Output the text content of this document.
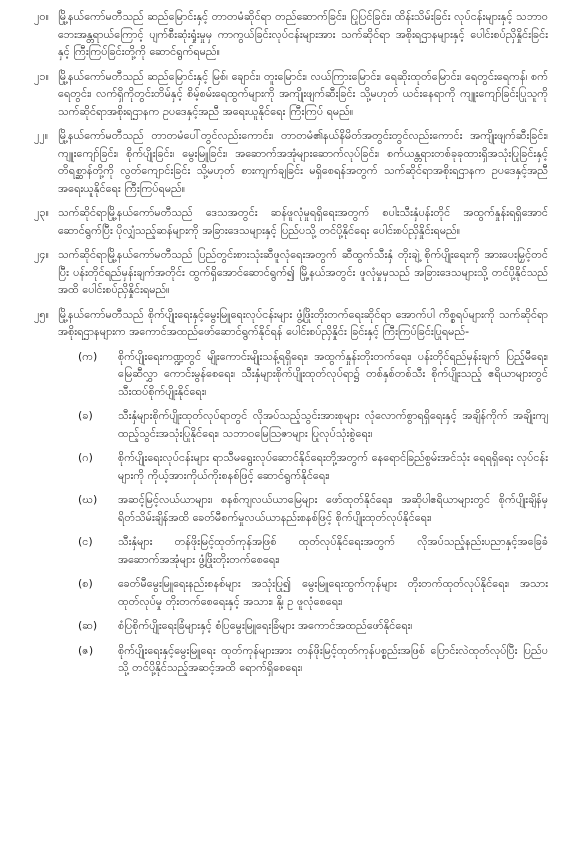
၂၀။ မြို့နယ်ကော်မတီသည် ဆည်မြောင်းနှင့် တာတမံဆိုင်ရာ တည်ဆောက်ခြင်း၊ ပြုပြင်ခြင်း၊ ထိန်းသိမ်းခြင်း လုပ်ငန်းများနှင့် သဘာဝဘေးအန္တရာယ်ကြောင့် ပျက်စီးဆုံးရှုံးမှုမှ ကာကွယ်ခြင်းလုပ်ငန်းများအား သက်ဆိုင်ရာ အစိုးရဌာနများနှင့် ပေါင်းစပ်ညှိနှိုင်းခြင်းနှင့် ကြီးကြပ်ခြင်းတို့ကို ဆောင်ရွက်ရမည်။
၂၁။ မြို့နယ်ကော်မတီသည် ဆည်မြောင်းနှင့် မြစ်၊ ချောင်း၊ တူးမြောင်း၊ လယ်ကြားမြောင်း၊ ရေဆိုးထုတ်မြောင်း၊ ရေတွင်းရေကန်၊ စက်ရေတွင်း၊ လက်ရှိကိုတွင်းတိမ်နှင့် စိမ့်စမ်းရေထွက်များကို အကျိုးဖျက်ဆီးခြင်း သို့မဟုတ် ယင်းနေရာကို ကျူးကျော်ခြင်းပြုသူကို သက်ဆိုင်ရာအစိုးရဌာနက ဥပဒေနှင့်အညီ အရေးယူနိုင်ရေး ကြီးကြပ် ရမည်။
၂၂။ မြို့နယ်ကော်မတီသည် တာတမံပေါ်တွင်လည်းကောင်း၊ တာတမံ၏နယ်နိမိတ်အတွင်းတွင်လည်းကောင်း အကျိုးဖျက်ဆီးခြင်း၊ ကျူးကျော်ခြင်း၊ စိုက်ပျိုးခြင်း၊ မွေးမြူခြင်း၊ အဆောက်အအုံများဆောက်လုပ်ခြင်း၊ စက်ယန္တရားတစ်ခုခုထားရှိအသုံးပြုခြင်းနှင့် တိရစ္ဆာန်တို့ကို လွတ်ကျောင်းခြင်း သို့မဟုတ် စားကျက်ချခြင်း မရှိစေရန်အတွက် သက်ဆိုင်ရာအစိုးရဌာနက ဥပဒေနှင့်အညီအရေးယူနိုင်ရေး ကြီးကြပ်ရမည်။
၂၃။ သက်ဆိုင်ရာမြို့နယ်ကော်မတီသည် ဒေသအတွင်း ဆန်ဖူလုံမှုရရှိရေးအတွက် စပါးသီးနှံပန်းတိုင် အထွက်နှုန်းရရှိအောင်ဆောင်ရွက်ပြီး ပိုလျှံသည့်ဆန်များကို အခြားဒေသများနှင့် ပြည်ပသို့ တင်ပို့နိုင်ရေး ပေါင်းစပ်ညှိနှိုင်းရမည်။
၂၄။ သက်ဆိုင်ရာမြို့နယ်ကော်မတီသည် ပြည်တွင်းစားသုံးဆီဖူလုံရေးအတွက် ဆီထွက်သီးနှံ တိုးချဲ့ စိုက်ပျိုးရေးကို အားပေးမြှင့်တင်ပြီး ပန်းတိုင်ရည်မှန်းချက်အတိုင်း ထွက်ရှိအောင်ဆောင်ရွက်၍ မြို့နယ်အတွင်း ဖူလုံမှုမှသည် အခြားဒေသများသို့ တင်ပို့နိုင်သည်အထိ ပေါင်းစပ်ညှိနှိုင်းရမည်။
၂၅။ မြို့နယ်ကော်မတီသည် စိုက်ပျိုးရေးနှင့်မွေးမြူရေးလုပ်ငန်းများ ဖွံ့ဖြိုးတိုးတက်ရေးဆိုင်ရာ အောက်ပါ ကိစ္စရပ်များကို သက်ဆိုင်ရာအစိုးရဌာနများက အကောင်အထည်ဖော်ဆောင်ရွက်နိုင်ရန် ပေါင်းစပ်ညှိနှိုင်း ခြင်းနှင့် ကြီးကြပ်ခြင်းပြုရမည်-
(က)	စိုက်ပျိုးရေးကဏ္ဍတွင် မျိုးကောင်းမျိုးသန့်ရရှိရေး၊ အထွက်နှုန်းတိုးတက်ရေး၊ ပန်းတိုင်ရည်မှန်းချက် ပြည့်မီရေး၊ မြေဆီလွှာ ကောင်းမွန်စေရေး၊ သီးနှံများစိုက်ပျိုးထုတ်လုပ်ရာ၌ တစ်နှစ်တစ်သီး စိုက်ပျိုးသည့် ဧရိယာများတွင် သီးထပ်စိုက်ပျိုးနိုင်ရေး၊
(ခ)	သီးနှံများစိုက်ပျိုးထုတ်လုပ်ရာတွင် လိုအပ်သည့်သွင်းအားစုများ လုံလောက်စွာရရှိရေးနှင့် အချိန်ကိုက် အချိုးကျ ထည့်သွင်းအသုံးပြုနိုင်ရေး၊ သဘာဝမြေသြဇာများ ပြုလုပ်သုံးစွဲရေး၊
(ဂ)	စိုက်ပျိုးရေးလုပ်ငန်းများ ရာသီမရွေးလုပ်ဆောင်နိုင်ရေးတို့အတွက် နေရောင်ခြည်စွမ်းအင်သုံး ရေရရှိရေး လုပ်ငန်းများကို ကိုယ့်အားကိုယ်ကိုးစနစ်ဖြင့် ဆောင်ရွက်နိုင်ရေး၊
(ဃ)	အဆင့်မြင့်လယ်ယာများ၊ စနစ်ကျလယ်ယာမြေများ ဖော်ထုတ်နိုင်ရေး၊ အဆိုပါဧရိယာများတွင် စိုက်ပျိုးချိန်မှ ရိတ်သိမ်းချိန်အထိ ခေတ်မီစက်မှုလယ်ယာနည်းစနစ်ဖြင့် စိုက်ပျိုးထုတ်လုပ်နိုင်ရေး၊
(င)	သီးနှံများ တန်ဖိုးမြင့်ထုတ်ကုန်အဖြစ် ထုတ်လုပ်နိုင်ရေးအတွက် လိုအပ်သည့်နည်းပညာနှင့်အခြေခံ အဆောက်အအုံများ ဖွံ့ဖြိုးတိုးတက်စေရေး၊
(စ)	ခေတ်မီမွေးမြူရေးနည်းစနစ်များ အသုံးပြု၍ မွေးမြူရေးထွက်ကုန်များ တိုးတက်ထုတ်လုပ်နိုင်ရေး၊ အသားထုတ်လုပ်မှု တိုးတက်စေရေးနှင့် အသား၊ နို့၊ ဥ ဖူလုံစေရေး၊
(ဆ)	စံပြစိုက်ပျိုးရေးခြံများနှင့် စံပြမွေးမြူရေးခြံများ အကောင်အထည်ဖော်နိုင်ရေး၊
(ဇ)	စိုက်ပျိုးရေးနှင့်မွေးမြူရေး ထုတ်ကုန်များအား တန်ဖိုးမြင့်ထုတ်ကုန်ပစ္စည်းအဖြစ် ပြောင်းလဲထုတ်လုပ်ပြီး ပြည်ပသို့ တင်ပို့နိုင်သည့်အဆင့်အထိ ရောက်ရှိစေရေး၊
